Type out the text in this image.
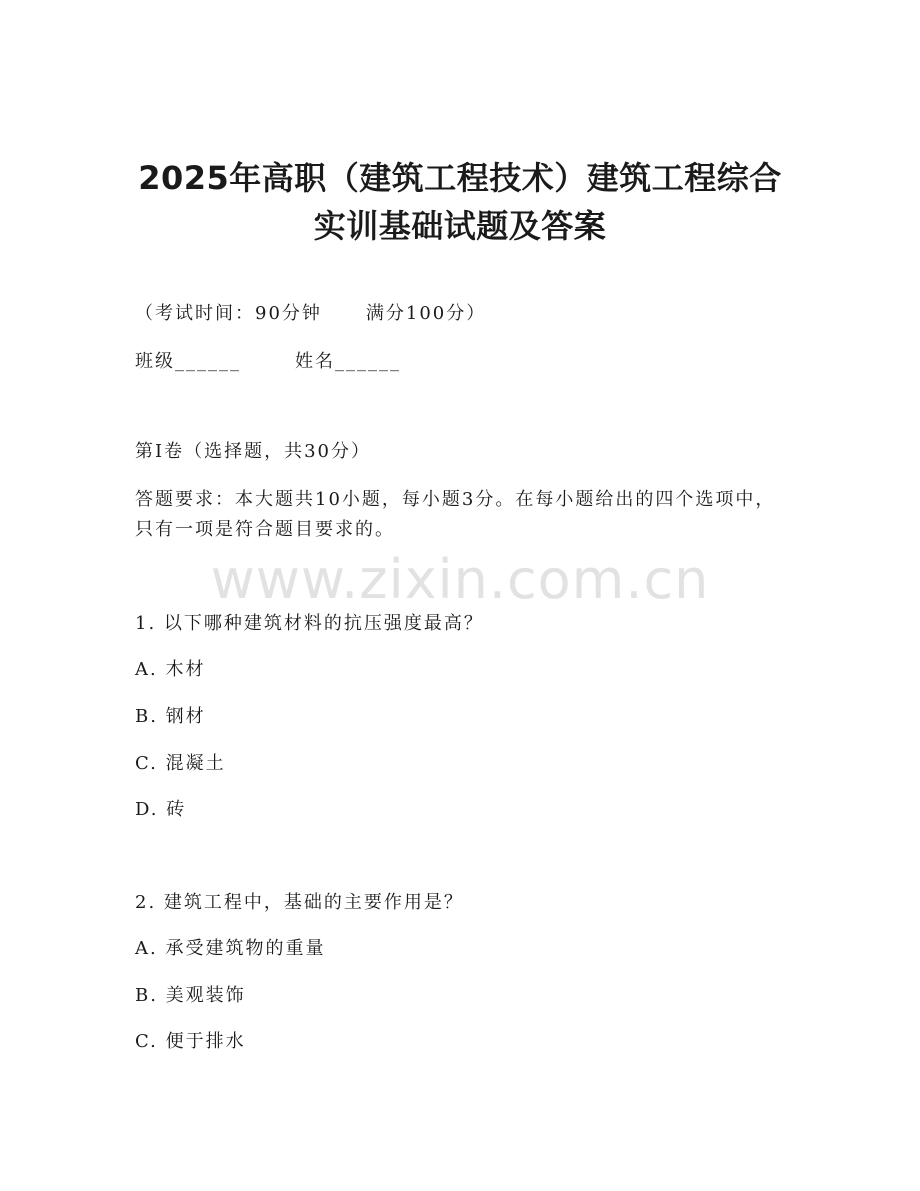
2025年高职（建筑工程技术）建筑工程综合
实训基础试题及答案
（考试时间：90分钟 满分100分）
班级______	姓名______
第I卷（选择题，共30分）
答题要求：本大题共10小题，每小题3分。在每小题给出的四个选项中，只有一项是符合题目要求的。
www.zixin.com.cn
1. 以下哪种建筑材料的抗压强度最高？
A. 木材
B. 钢材
C. 混凝土
D. 砖
2. 建筑工程中，基础的主要作用是？
A. 承受建筑物的重量
B. 美观装饰
C. 便于排水
